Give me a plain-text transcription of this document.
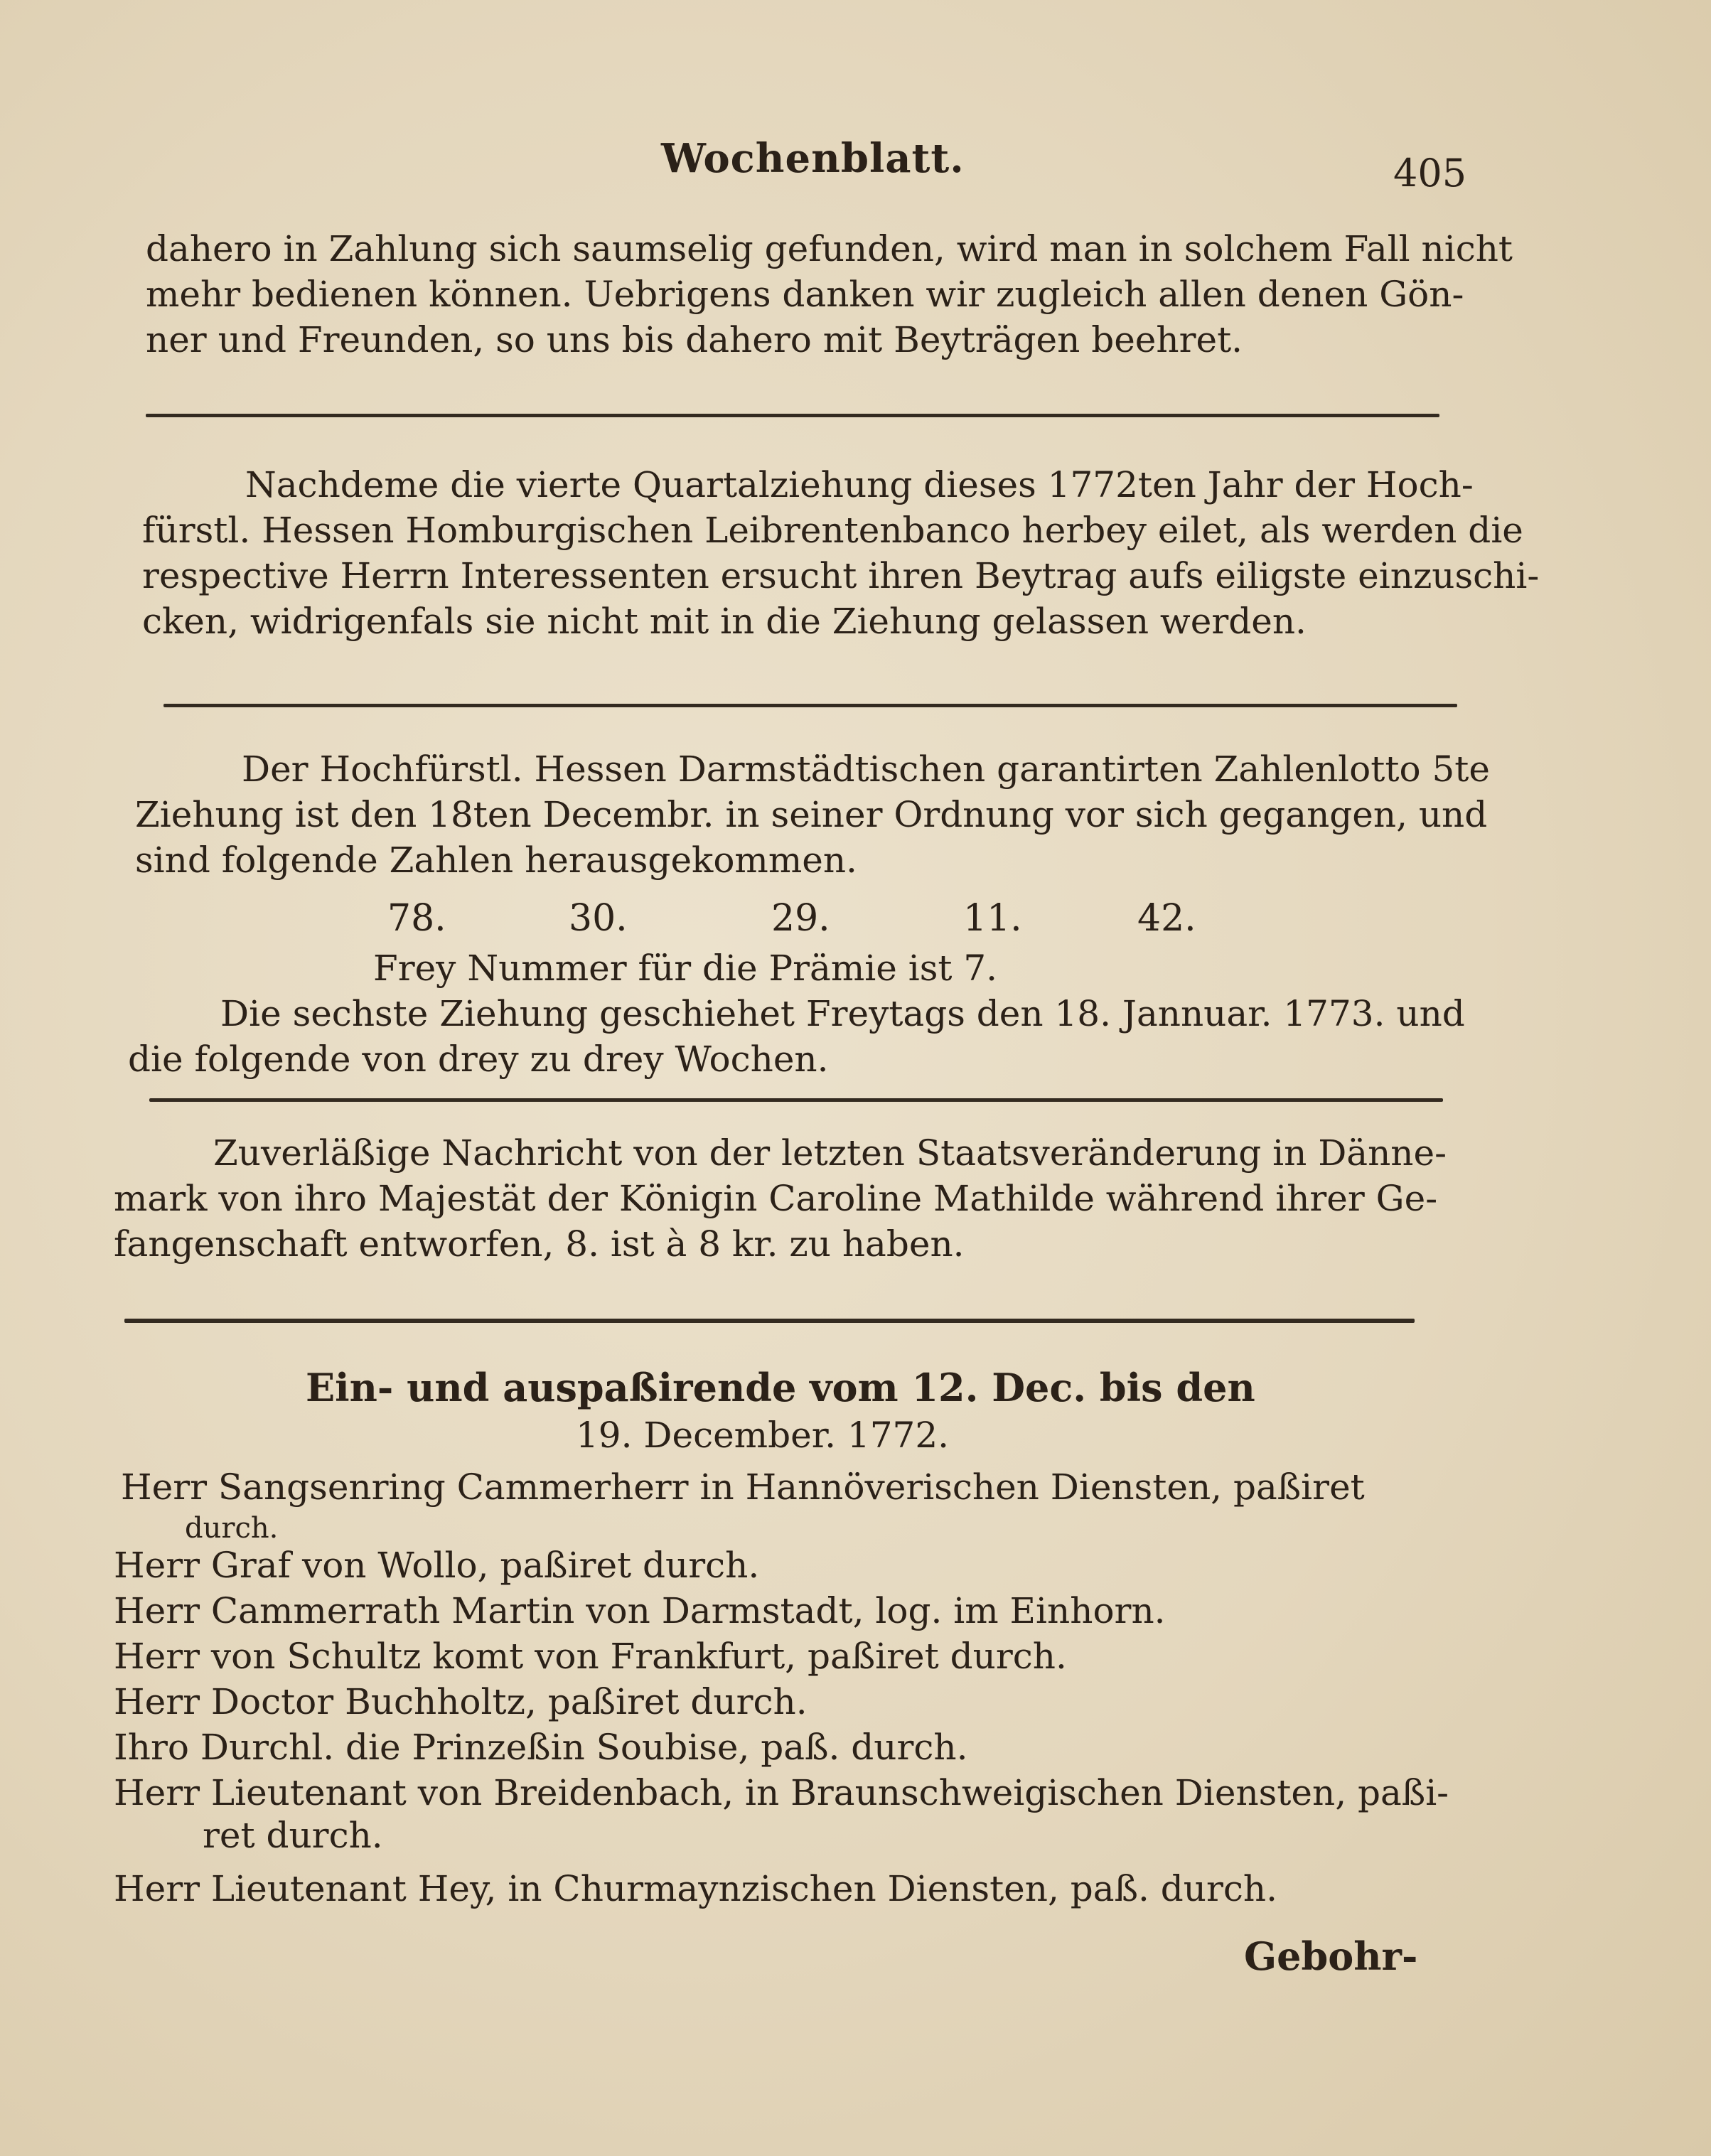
Wochenblatt.	405
dahero in Zahlung sich saumselig gefunden, wird man in solchem Fall nicht
mehr bedienen können. Uebrigens danken wir zugleich allen denen Gön-
ner und Freunden, so uns bis dahero mit Beyträgen beehret.
Nachdeme die vierte Quartalziehung dieses 1772ten Jahr der Hoch-
fürstl. Hessen Homburgischen Leibrentenbanco herbey eilet, als werden die
respective Herrn Interessenten ersucht ihren Beytrag aufs eiligste einzuschi-
cken, widrigenfals sie nicht mit in die Ziehung gelassen werden.
Der Hochfürstl. Hessen Darmstädtischen garantirten Zahlenlotto 5te
Ziehung ist den 18ten Decembr. in seiner Ordnung vor sich gegangen, und
sind folgende Zahlen herausgekommen.
78.	30.	29.	11.	42.
Frey Nummer für die Prämie ist 7.
Die sechste Ziehung geschiehet Freytags den 18. Jannuar. 1773. und
die folgende von drey zu drey Wochen.
Zuverläßige Nachricht von der letzten Staatsveränderung in Dänne-
mark von ihro Majestät der Königin Caroline Mathilde während ihrer Ge-
fangenschaft entworfen, 8. ist à 8 kr. zu haben.
Ein- und auspaßirende vom 12. Dec. bis den
19. December. 1772.
Herr Sangsenring Cammerherr in Hannöverischen Diensten, paßiret
durch.
Herr Graf von Wollo, paßiret durch.
Herr Cammerrath Martin von Darmstadt, log. im Einhorn.
Herr von Schultz komt von Frankfurt, paßiret durch.
Herr Doctor Buchholtz, paßiret durch.
Ihro Durchl. die Prinzeßin Soubise, paß. durch.
Herr Lieutenant von Breidenbach, in Braunschweigischen Diensten, paßi-
ret durch.
Herr Lieutenant Hey, in Churmaynzischen Diensten, paß. durch.
Gebohr-
